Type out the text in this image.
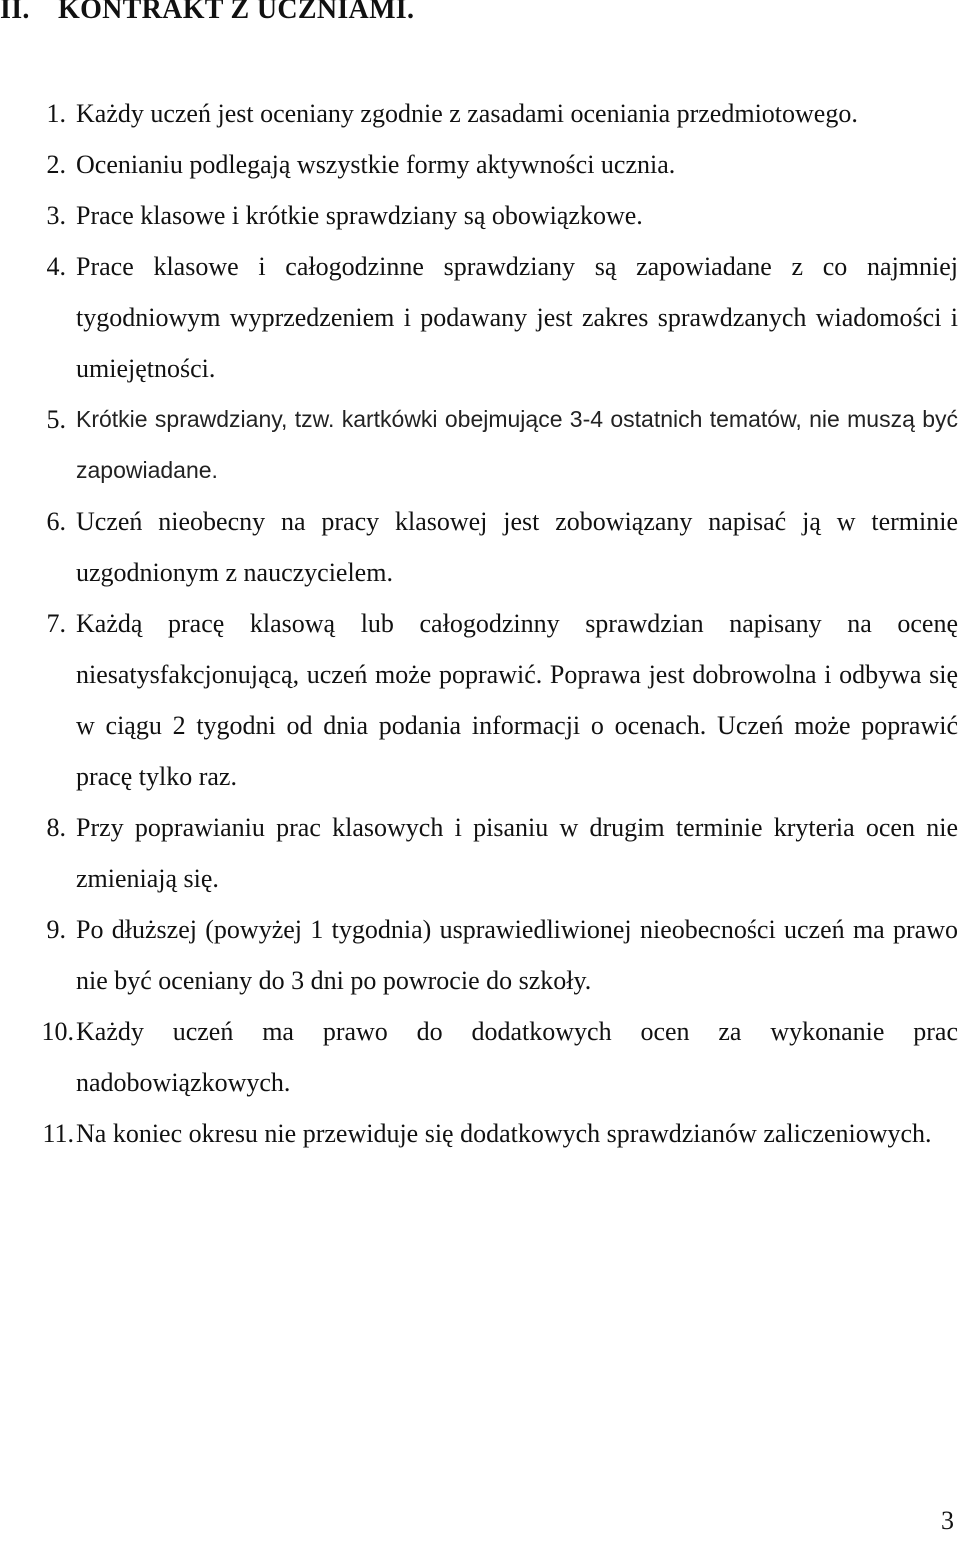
II. KONTRAKT Z UCZNIAMI.
1. Każdy uczeń jest oceniany zgodnie z zasadami oceniania przedmiotowego.
2. Ocenianiu podlegają wszystkie formy aktywności ucznia.
3. Prace klasowe i krótkie sprawdziany są obowiązkowe.
4. Prace klasowe i całogodzinne sprawdziany są zapowiadane z co najmniej tygodniowym wyprzedzeniem i podawany jest zakres sprawdzanych wiadomości i umiejętności.
5. Krótkie sprawdziany, tzw. kartkówki obejmujące 3-4 ostatnich tematów, nie muszą być zapowiadane.
6. Uczeń nieobecny na pracy klasowej jest zobowiązany napisać ją w terminie uzgodnionym z nauczycielem.
7. Każdą pracę klasową lub całogodzinny sprawdzian napisany na ocenę niesatysfakcjonującą, uczeń może poprawić. Poprawa jest dobrowolna i odbywa się w ciągu 2 tygodni od dnia podania informacji o ocenach. Uczeń może poprawić pracę tylko raz.
8. Przy poprawianiu prac klasowych i pisaniu w drugim terminie kryteria ocen nie zmieniają się.
9. Po dłuższej (powyżej 1 tygodnia) usprawiedliwionej nieobecności uczeń ma prawo nie być oceniany do 3 dni po powrocie do szkoły.
10. Każdy uczeń ma prawo do dodatkowych ocen za wykonanie prac nadobowiązkowych.
11. Na koniec okresu nie przewiduje się dodatkowych sprawdzianów zaliczeniowych.
3
